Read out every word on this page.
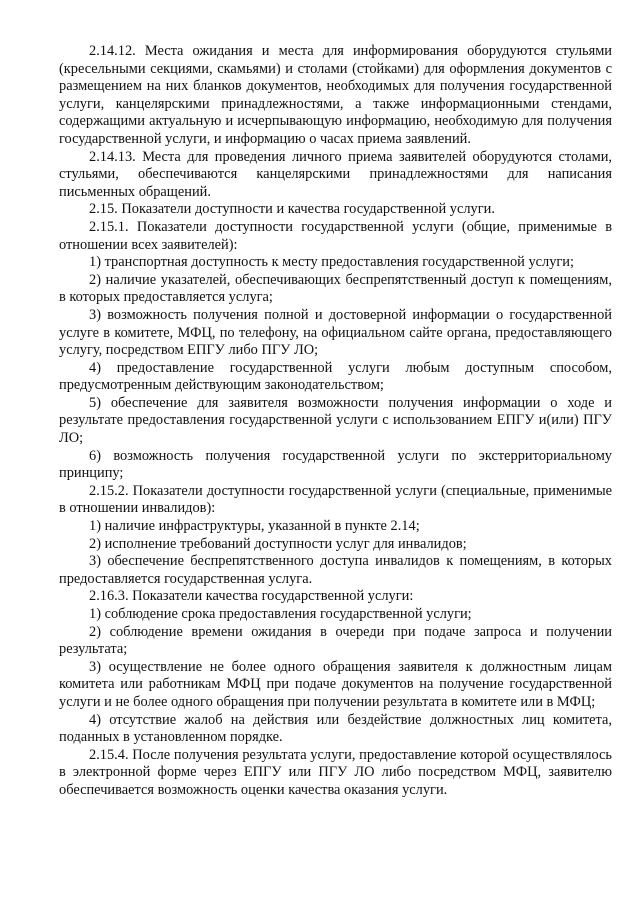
2.14.12. Места ожидания и места для информирования оборудуются стульями (кресельными секциями, скамьями) и столами (стойками) для оформления документов с размещением на них бланков документов, необходимых для получения государственной услуги, канцелярскими принадлежностями, а также информационными стендами, содержащими актуальную и исчерпывающую информацию, необходимую для получения государственной услуги, и информацию о часах приема заявлений.

2.14.13. Места для проведения личного приема заявителей оборудуются столами, стульями, обеспечиваются канцелярскими принадлежностями для написания письменных обращений.

2.15. Показатели доступности и качества государственной услуги.

2.15.1. Показатели доступности государственной услуги (общие, применимые в отношении всех заявителей):

1) транспортная доступность к месту предоставления государственной услуги;

2) наличие указателей, обеспечивающих беспрепятственный доступ к помещениям, в которых предоставляется услуга;

3) возможность получения полной и достоверной информации о государственной услуге в комитете, МФЦ, по телефону, на официальном сайте органа, предоставляющего услугу, посредством ЕПГУ либо ПГУ ЛО;

4) предоставление государственной услуги любым доступным способом, предусмотренным действующим законодательством;

5) обеспечение для заявителя возможности получения информации о ходе и результате предоставления государственной услуги с использованием ЕПГУ и(или) ПГУ ЛО;

6) возможность получения государственной услуги по экстерриториальному принципу;

2.15.2. Показатели доступности государственной услуги (специальные, применимые в отношении инвалидов):

1) наличие инфраструктуры, указанной в пункте 2.14;

2) исполнение требований доступности услуг для инвалидов;

3) обеспечение беспрепятственного доступа инвалидов к помещениям, в которых предоставляется государственная услуга.

2.16.3. Показатели качества государственной услуги:

1) соблюдение срока предоставления государственной услуги;

2) соблюдение времени ожидания в очереди при подаче запроса и получении результата;

3) осуществление не более одного обращения заявителя к должностным лицам комитета или работникам МФЦ при подаче документов на получение государственной услуги и не более одного обращения при получении результата в комитете или в МФЦ;

4) отсутствие жалоб на действия или бездействие должностных лиц комитета, поданных в установленном порядке.

2.15.4. После получения результата услуги, предоставление которой осуществлялось в электронной форме через ЕПГУ или ПГУ ЛО либо посредством МФЦ, заявителю обеспечивается возможность оценки качества оказания услуги.
